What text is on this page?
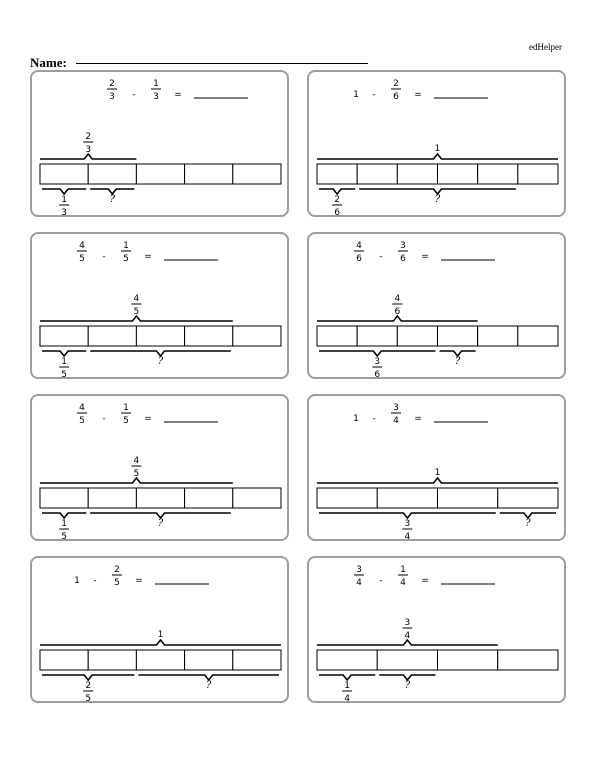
edHelper
Name:
2
3 -
1
3 =
2
3
1
3
?
1 -
2
6 =
1
2
6
?
4
5 -
1
5 =
4
5
1
5
?
4
6 -
3
6 =
4
6
3
6
?
4
5 -
1
5 =
4
5
1
5
?
1 -
3
4 =
1
3
4
?
1 -
2
5 =
1
2
5
?
3
4 -
1
4 =
3
4
1
4
?
